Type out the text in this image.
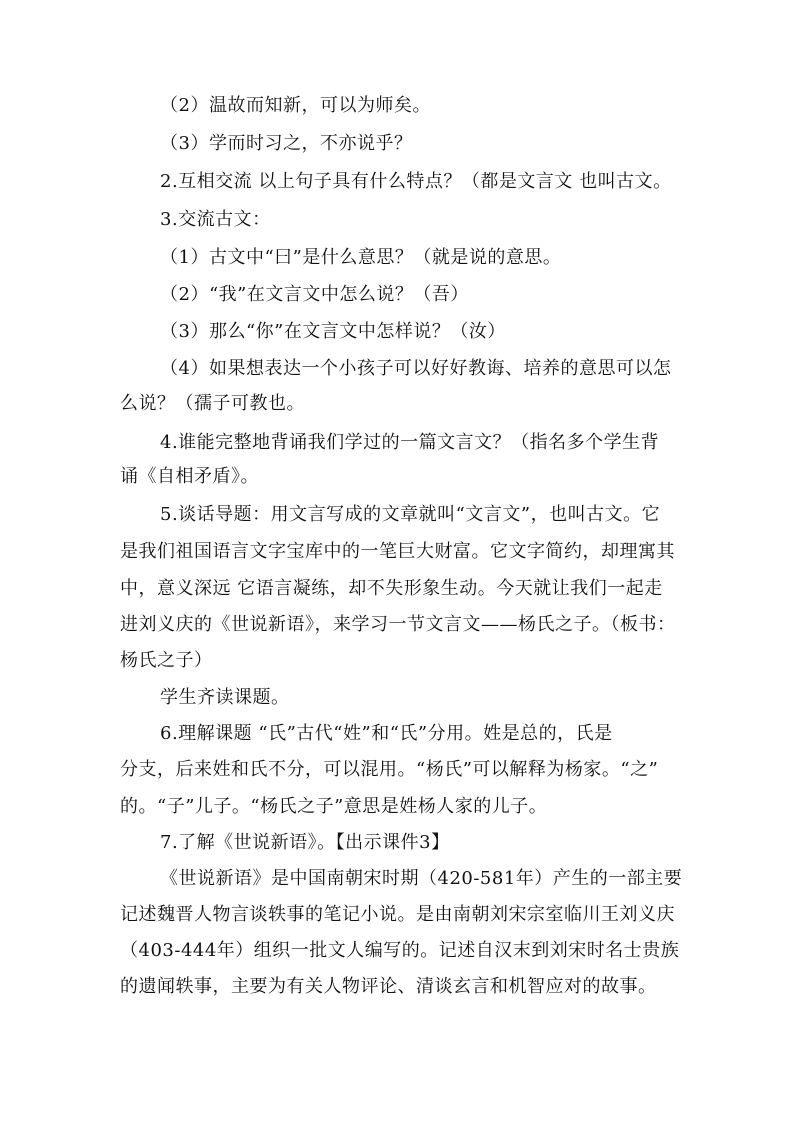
（2）温故而知新，可以为师矣。
（3）学而时习之，不亦说乎？
2.互相交流 以上句子具有什么特点？（都是文言文 也叫古文。
3.交流古文：
（1）古文中“曰”是什么意思？（就是说的意思。
（2）“我”在文言文中怎么说？（吾）
（3）那么“你”在文言文中怎样说？（汝）
（4）如果想表达一个小孩子可以好好教诲、培养的意思可以怎
么说？（孺子可教也。
4.谁能完整地背诵我们学过的一篇文言文？（指名多个学生背
诵《自相矛盾》。
5.谈话导题：用文言写成的文章就叫“文言文”，也叫古文。它
是我们祖国语言文字宝库中的一笔巨大财富。它文字简约，却理寓其
中，意义深远 它语言凝练，却不失形象生动。今天就让我们一起走
进刘义庆的《世说新语》，来学习一节文言文——杨氏之子。（板书：
杨氏之子）
学生齐读课题。
6.理解课题 “氏”古代“姓”和“氏”分用。姓是总的，氏是
分支，后来姓和氏不分，可以混用。“杨氏”可以解释为杨家。“之”
的。“子”儿子。“杨氏之子”意思是姓杨人家的儿子。
7.了解《世说新语》。【出示课件3】
《世说新语》是中国南朝宋时期（420-581年）产生的一部主要
记述魏晋人物言谈轶事的笔记小说。是由南朝刘宋宗室临川王刘义庆
（403-444年）组织一批文人编写的。记述自汉末到刘宋时名士贵族
的遗闻轶事，主要为有关人物评论、清谈玄言和机智应对的故事。
